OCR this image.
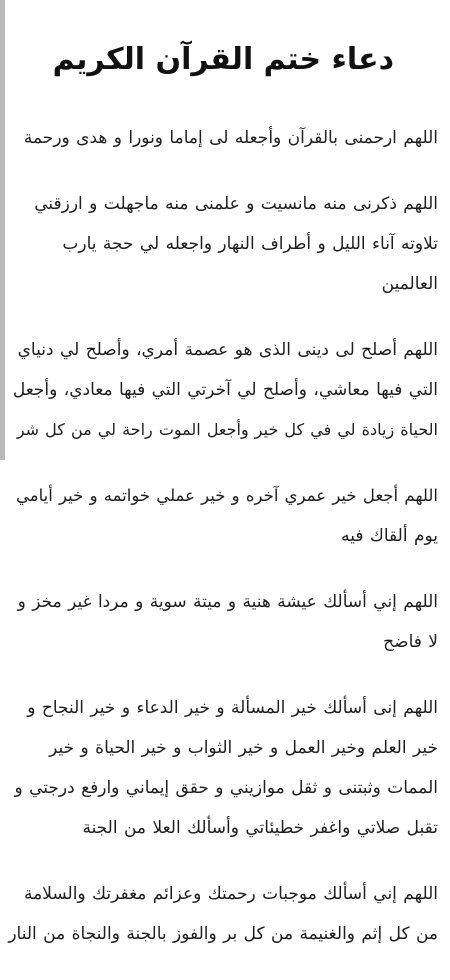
دعاء ختم القرآن الكريم

اللهم ارحمنى بالقرآن وأجعله لى إماما ونورا و هدى ورحمة

اللهم ذكرنى منه مانسيت و علمنى منه ماجهلت و ارزقني
تلاوته آناء الليل و أطراف النهار واجعله لي حجة يارب
العالمين

اللهم أصلح لى دينى الذى هو عصمة أمري، وأصلح لي دنياي
التي فيها معاشي، وأصلح لي آخرتي التي فيها معادي، وأجعل
الحياة زيادة لي في كل خير وأجعل الموت راحة لي من كل شر

اللهم أجعل خير عمري آخره و خير عملي خواتمه و خير أيامي
يوم ألقاك فيه

اللهم إني أسألك عيشة هنية و ميتة سوية و مردا غير مخز و
لا فاضح

اللهم إنى أسألك خير المسألة و خير الدعاء و خير النجاح و
خير العلم وخير العمل و خير الثواب و خير الحياة و خير
الممات وثبتنى و ثقل موازيني و حقق إيماني وارفع درجتي و
تقبل صلاتي واغفر خطيئاتي وأسألك العلا من الجنة

اللهم إني أسألك موجبات رحمتك وعزائم مغفرتك والسلامة
من كل إثم والغنيمة من كل بر والفوز بالجنة والنجاة من النار
